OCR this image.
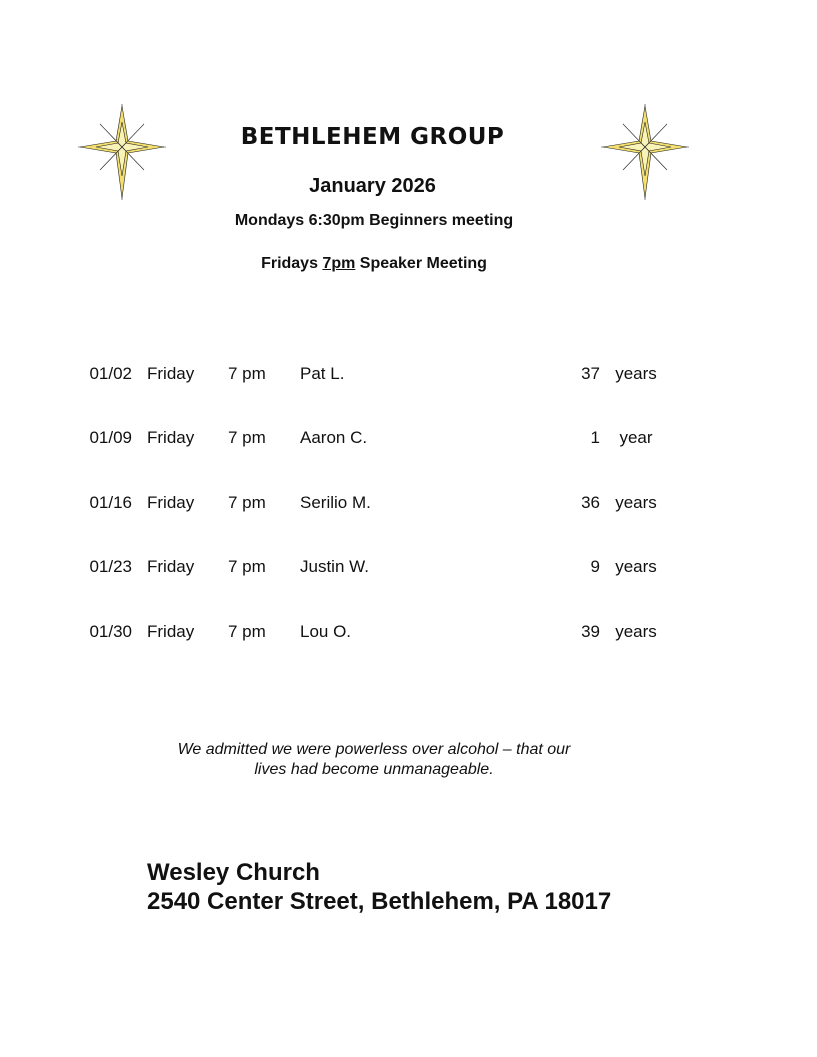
BETHLEHEM GROUP
January 2026
Mondays 6:30pm Beginners meeting
Fridays 7pm Speaker Meeting
01/02 Friday 7 pm Pat L.	37 years
01/09 Friday 7 pm Aaron C.	1	year
01/16 Friday 7 pm Serilio M.	36 years
01/23 Friday 7 pm Justin W.	9 years
01/30 Friday 7 pm Lou O.	39 years
We admitted we were powerless over alcohol – that our
lives had become unmanageable.
Wesley Church
2540 Center Street, Bethlehem, PA 18017
